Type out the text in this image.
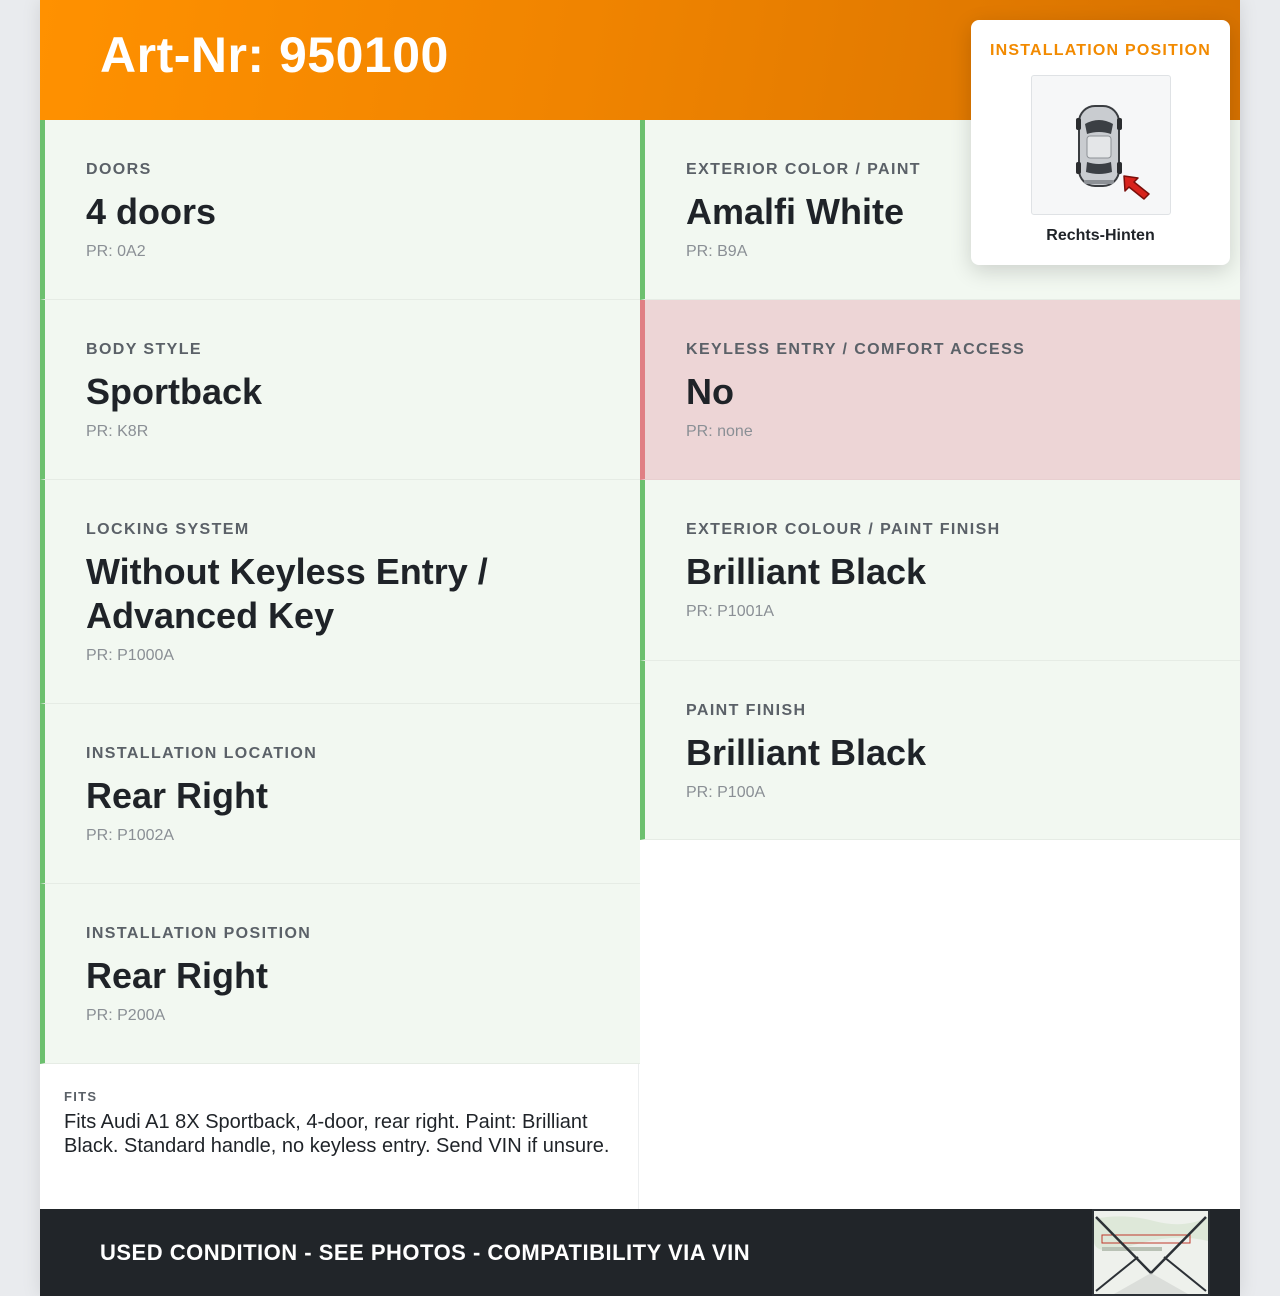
Art-Nr: 950100
DOORS
4 doors
PR: 0A2
BODY STYLE
Sportback
PR: K8R
LOCKING SYSTEM
Without Keyless Entry / Advanced Key
PR: P1000A
INSTALLATION LOCATION
Rear Right
PR: P1002A
INSTALLATION POSITION
Rear Right
PR: P200A
EXTERIOR COLOR / PAINT
Amalfi White
PR: B9A
KEYLESS ENTRY / COMFORT ACCESS
No
PR: none
EXTERIOR COLOUR / PAINT FINISH
Brilliant Black
PR: P1001A
PAINT FINISH
Brilliant Black
PR: P100A
FITS
Fits Audi A1 8X Sportback, 4-door, rear right. Paint: Brilliant Black. Standard handle, no keyless entry. Send VIN if unsure.
INSTALLATION POSITION
Rechts-Hinten
USED CONDITION - SEE PHOTOS - COMPATIBILITY VIA VIN
